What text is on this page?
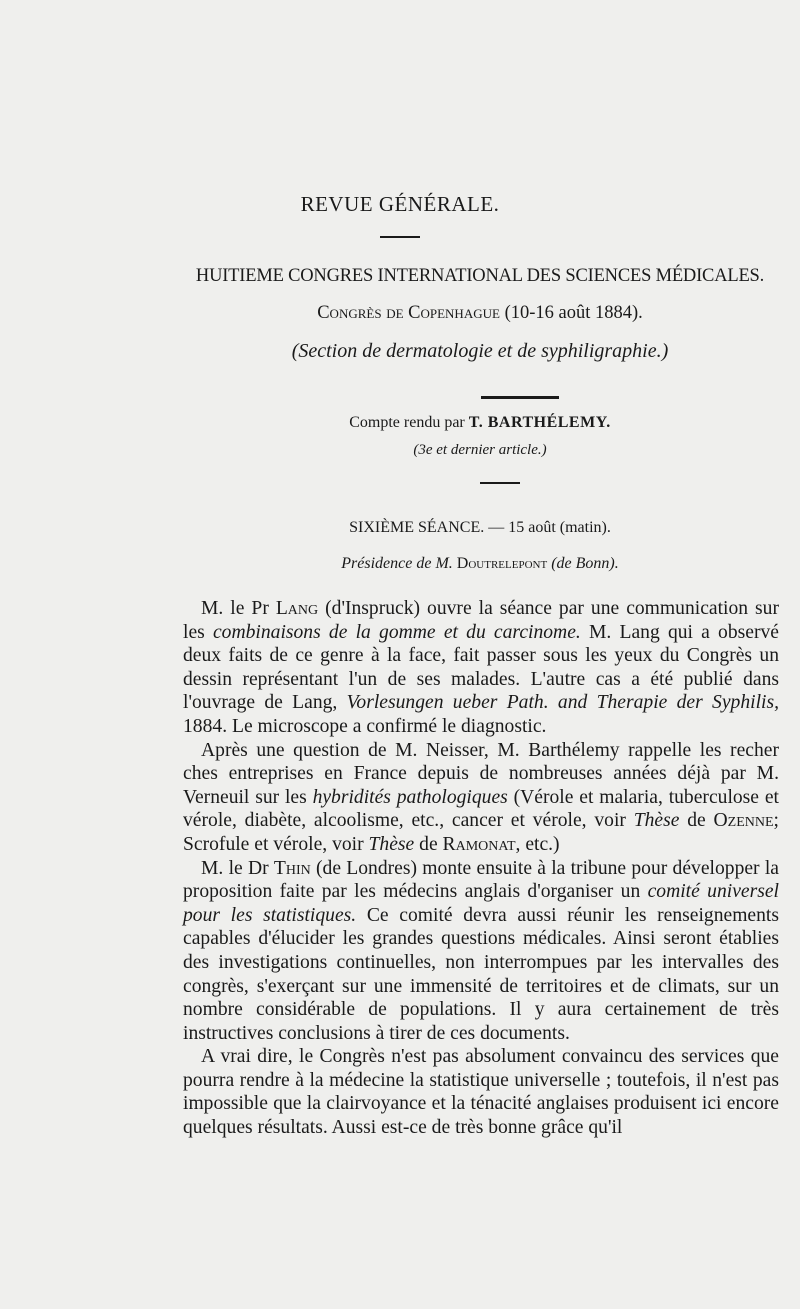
REVUE GÉNÉRALE.
HUITIEME CONGRES INTERNATIONAL DES SCIENCES MÉDICALES.
Congrès de Copenhague (10-16 août 1884).
(Section de dermatologie et de syphiligraphie.)
Compte rendu par T. BARTHÉLEMY.
(3e et dernier article.)
SIXIÈME SÉANCE. — 15 août (matin).
Présidence de M. Doutrelepont (de Bonn).

M. le Pr Lang (d'Inspruck) ouvre la séance par une communication sur les combinaisons de la gomme et du carcinome. M. Lang qui a observé deux faits de ce genre à la face, fait passer sous les yeux du Congrès un dessin représentant l'un de ses malades. L'autre cas a été publié dans l'ouvrage de Lang, Vorlesungen ueber Path. and Therapie der Syphilis, 1884. Le microscope a confirmé le diagnostic.

Après une question de M. Neisser, M. Barthélemy rappelle les recher ches entreprises en France depuis de nombreuses années déjà par M. Verneuil sur les hybridités pathologiques (Vérole et malaria, tuberculose et vérole, diabète, alcoolisme, etc., cancer et vérole, voir Thèse de Ozenne; Scrofule et vérole, voir Thèse de Ramonat, etc.)

M. le Dr Thin (de Londres) monte ensuite à la tribune pour développer la proposition faite par les médecins anglais d'organiser un comité universel pour les statistiques. Ce comité devra aussi réunir les renseignements capables d'élucider les grandes questions médicales. Ainsi seront établies des investigations continuelles, non interrompues par les intervalles des congrès, s'exerçant sur une immensité de territoires et de climats, sur un nombre considérable de populations. Il y aura certainement de très instructives conclusions à tirer de ces documents.

A vrai dire, le Congrès n'est pas absolument convaincu des services que pourra rendre à la médecine la statistique universelle ; toutefois, il n'est pas impossible que la clairvoyance et la ténacité anglaises produisent ici encore quelques résultats. Aussi est-ce de très bonne grâce qu'il
